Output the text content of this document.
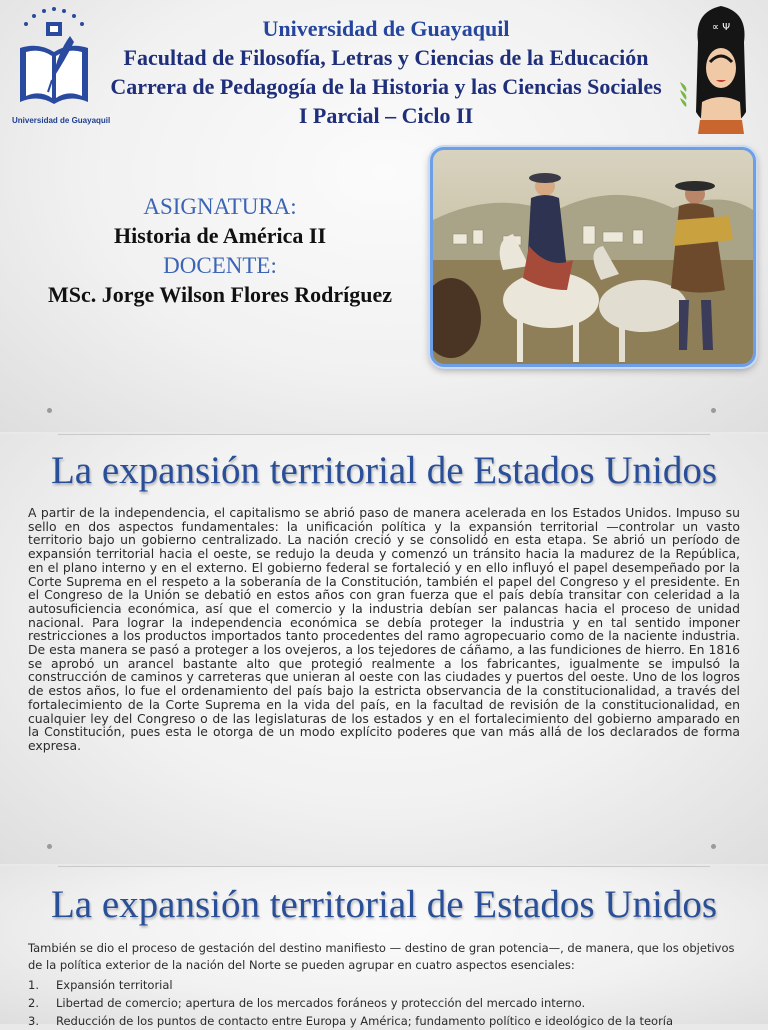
Universidad de Guayaquil
Universidad de Guayaquil
Facultad de Filosofía, Letras y Ciencias de la Educación
Carrera de Pedagogía de la Historia y las Ciencias Sociales
I Parcial – Ciclo II
∝ Ψ
ASIGNATURA:
Historia de América II
DOCENTE:
MSc. Jorge Wilson Flores Rodríguez
La expansión territorial de Estados Unidos
A partir de la independencia, el capitalismo se abrió paso de manera acelerada en los Estados Unidos. Impuso su sello en dos aspectos fundamentales: la unificación política y la expansión territorial —controlar un vasto territorio bajo un gobierno centralizado. La nación creció y se consolidó en esta etapa. Se abrió un período de expansión territorial hacia el oeste, se redujo la deuda y comenzó un tránsito hacia la madurez de la República, en el plano interno y en el externo. El gobierno federal se fortaleció y en ello influyó el papel desempeñado por la Corte Suprema en el respeto a la soberanía de la Constitución, también el papel del Congreso y el presidente. En el Congreso de la Unión se debatió en estos años con gran fuerza que el país debía transitar con celeridad a la autosuficiencia económica, así que el comercio y la industria debían ser palancas hacia el proceso de unidad nacional. Para lograr la independencia económica se debía proteger la industria y en tal sentido imponer restricciones a los productos importados tanto procedentes del ramo agropecuario como de la naciente industria. De esta manera se pasó a proteger a los ovejeros, a los tejedores de cáñamo, a las fundiciones de hierro. En 1816 se aprobó un arancel bastante alto que protegió realmente a los fabricantes, igualmente se impulsó la construcción de caminos y carreteras que unieran al oeste con las ciudades y puertos del oeste. Uno de los logros de estos años, lo fue el ordenamiento del país bajo la estricta observancia de la constitucionalidad, a través del fortalecimiento de la Corte Suprema en la vida del país, en la facultad de revisión de la constitucionalidad, en cualquier ley del Congreso o de las legislaturas de los estados y en el fortalecimiento del gobierno amparado en la Constitución, pues esta le otorga de un modo explícito poderes que van más allá de los declarados de forma expresa.
La expansión territorial de Estados Unidos
También se dio el proceso de gestación del destino manifiesto — destino de gran potencia—, de manera, que los objetivos de la política exterior de la nación del Norte se pueden agrupar en cuatro aspectos esenciales:
1. Expansión territorial
2. Libertad de comercio; apertura de los mercados foráneos y protección del mercado interno.
3. Reducción de los puntos de contacto entre Europa y América; fundamento político e ideológico de la teoría
